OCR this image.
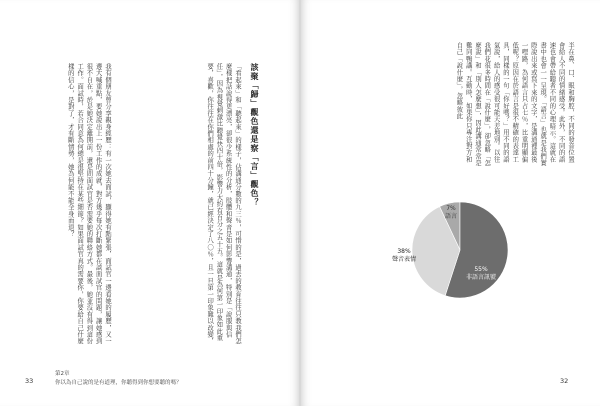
半在鼻、口、眼和胸腔，不同的發音位置會給人不同的情緒感受。此外，不同的語速也會帶給聽者不同的心理暗示。這就在書中也會一一呈現。「語言」也就是我們實際說出來或寫下來的文字，是溝通裡最後一哩路，為何語言只占七％，比重明顯偏低呢？原因在於語言是很不精確的表達工具，同樣的一句「你好嗎？」用不同的語氣說，給人的感受很可能天差地別。以往我們花很多時間在「說什麼」，卻忽略「怎麼說」和「別人怎麼想」，因此溝通常常是雞同鴨講。互動時，如果你只專注對方和自己「說什麼」，忽略彼此

7%
語言
38%
聲音表情
55%
非語言訊號
32
該聚「歸」觀色還是察「言」觀色？

「看起來」和「聽起來」的樣子，佔溝通分數的九三％，可惜的是，過去的教育往往只教我們怎麼樣把話說得更漂亮，卻很少系統性的分析，肢體和聲音是如何影響溝通，特別是「說服與信任」，因為視覺刺激比聽覺快四十倍，影響力大約有百分之五十五。這就是為何第一印象如此重要，喜歡，你往往在你們相處的前四十分鐘，就已經決定了八〇％，且一旦第一印象難以改變，

我有個朋友曾分享親身經歷：有一次她去面試，顯得她有點緊張，面試官一邊看她的履歷，又一邊大喊重點，要她說出上一份工作的成就，對方幾乎每次打斷她都在談面試官的問題，讓她感到很不自在，於是她決定離開前，還是問面試官是否需要她的聯絡方式。最後，她並沒有得到這份工作。面試時，若合同意為何總是很堅持在某些細節？如果面試官真的需要你，你要給自己什麼樣的信心，是對了，才有斷情勢，她為何能不能全身而退？

第2章
你以為自己說的是有道理，你聽得到你想要聽的嗎？
33
